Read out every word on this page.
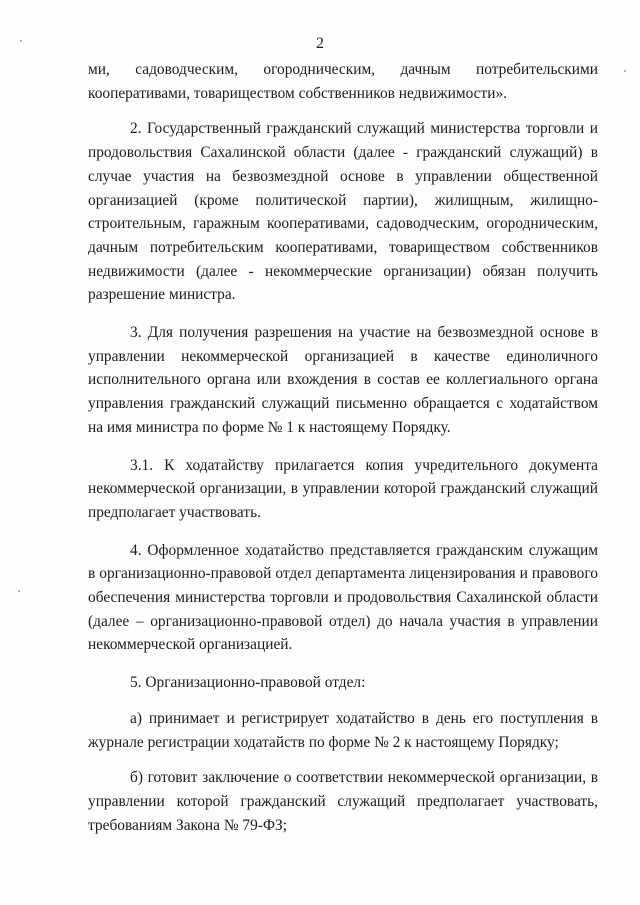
2

ми, садоводческим, огородническим, дачным потребительскими кооперативами, товариществом собственников недвижимости».

2. Государственный гражданский служащий министерства торговли и продовольствия Сахалинской области (далее - гражданский служащий) в случае участия на безвозмездной основе в управлении общественной организацией (кроме политической партии), жилищным, жилищно-строительным, гаражным кооперативами, садоводческим, огородническим, дачным потребительским кооперативами, товариществом собственников недвижимости (далее - некоммерческие организации) обязан получить разрешение министра.

3. Для получения разрешения на участие на безвозмездной основе в управлении некоммерческой организацией в качестве единоличного исполнительного органа или вхождения в состав ее коллегиального органа управления гражданский служащий письменно обращается с ходатайством на имя министра по форме № 1 к настоящему Порядку.

3.1. К ходатайству прилагается копия учредительного документа некоммерческой организации, в управлении которой гражданский служащий предполагает участвовать.

4. Оформленное ходатайство представляется гражданским служащим в организационно-правовой отдел департамента лицензирования и правового обеспечения министерства торговли и продовольствия Сахалинской области (далее – организационно-правовой отдел) до начала участия в управлении некоммерческой организацией.

5. Организационно-правовой отдел:

а) принимает и регистрирует ходатайство в день его поступления в журнале регистрации ходатайств по форме № 2 к настоящему Порядку;

б) готовит заключение о соответствии некоммерческой организации, в управлении которой гражданский служащий предполагает участвовать, требованиям Закона № 79-ФЗ;
